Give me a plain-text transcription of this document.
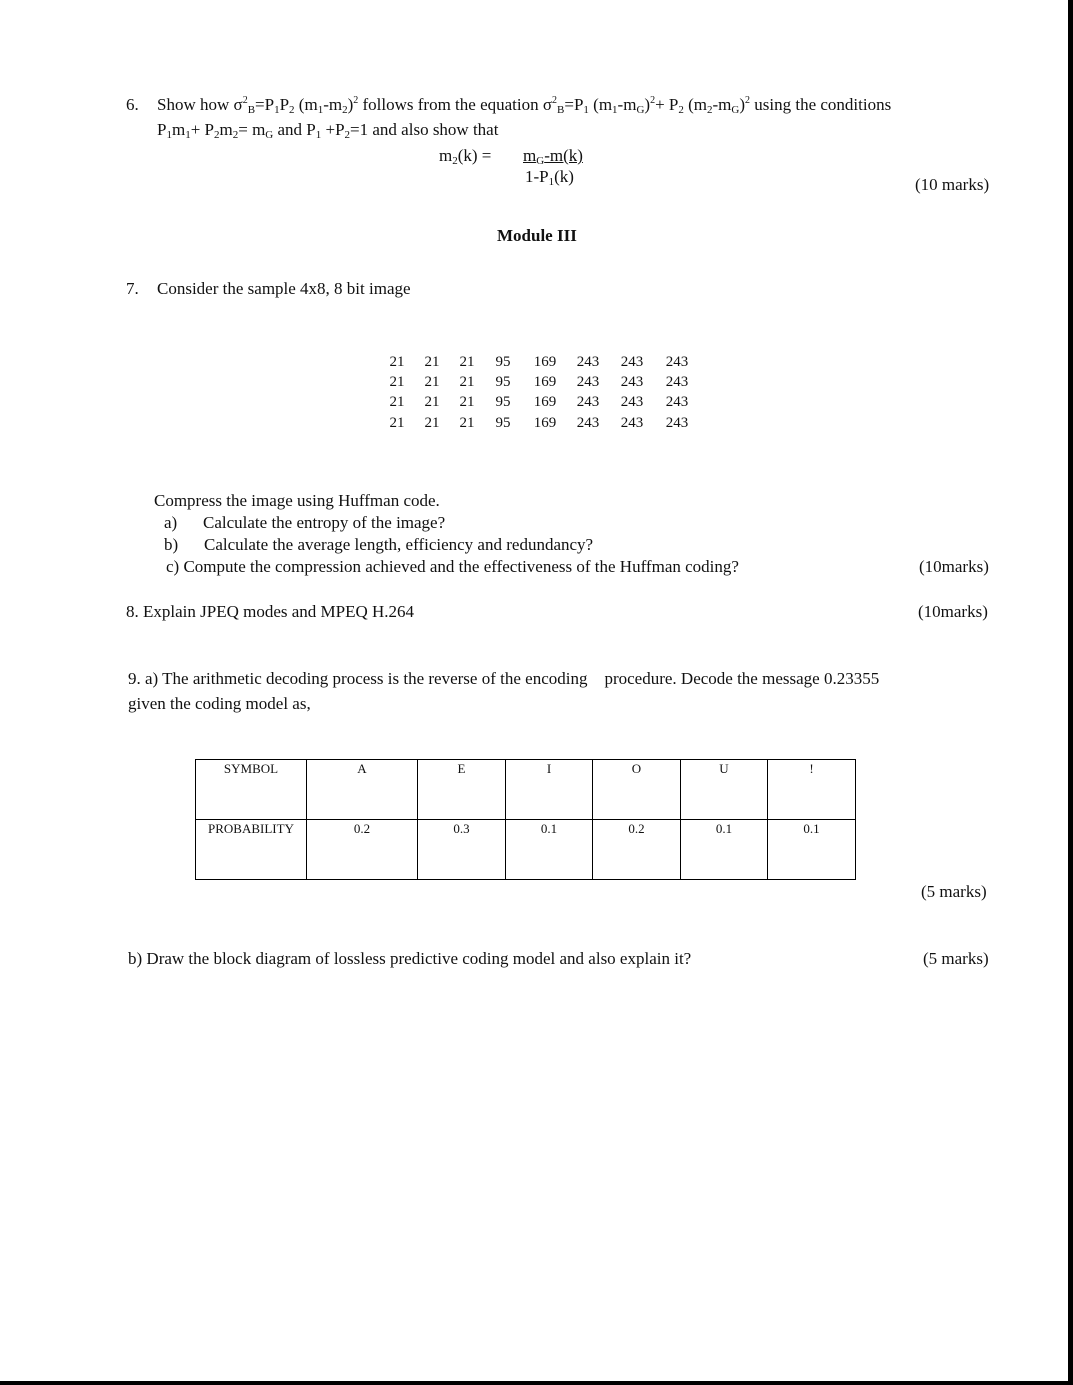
6. Show how $\sigma^2_B=P_1P_2$ $(m_1-m_2)^2$ follows from the equation $\sigma^2_B=P_1$ $(m_1-m_G)^2+ P_2$ $(m_2-m_G)^2$ using the conditions
$P_1m_1+ P_2m_2= m_G$ and $P_1 +P_2=1$ and also show that
$m_2(k) = m_G-m(k)$
$1-P_1(k)$	(10 marks)
Module III
7. Consider the sample 4x8, 8 bit image
21	21	21	95	169	243	243	243
21	21	21	95	169	243	243	243
21	21	21	95	169	243	243	243
21	21	21	95	169	243	243	243
Compress the image using Huffman code.
a) Calculate the entropy of the image?
b) Calculate the average length, efficiency and redundancy?
c) Compute the compression achieved and the effectiveness of the Huffman coding?	(10marks)
8. Explain JPEQ modes and MPEQ H.264	(10marks)
9. a) The arithmetic decoding process is the reverse of the encoding    procedure. Decode the message 0.23355
given the coding model as,
SYMBOL	A	E	I	O	U	!
PROBABILITY	0.2	0.3	0.1	0.2	0.1	0.1
(5 marks)
b) Draw the block diagram of lossless predictive coding model and also explain it?	(5 marks)
